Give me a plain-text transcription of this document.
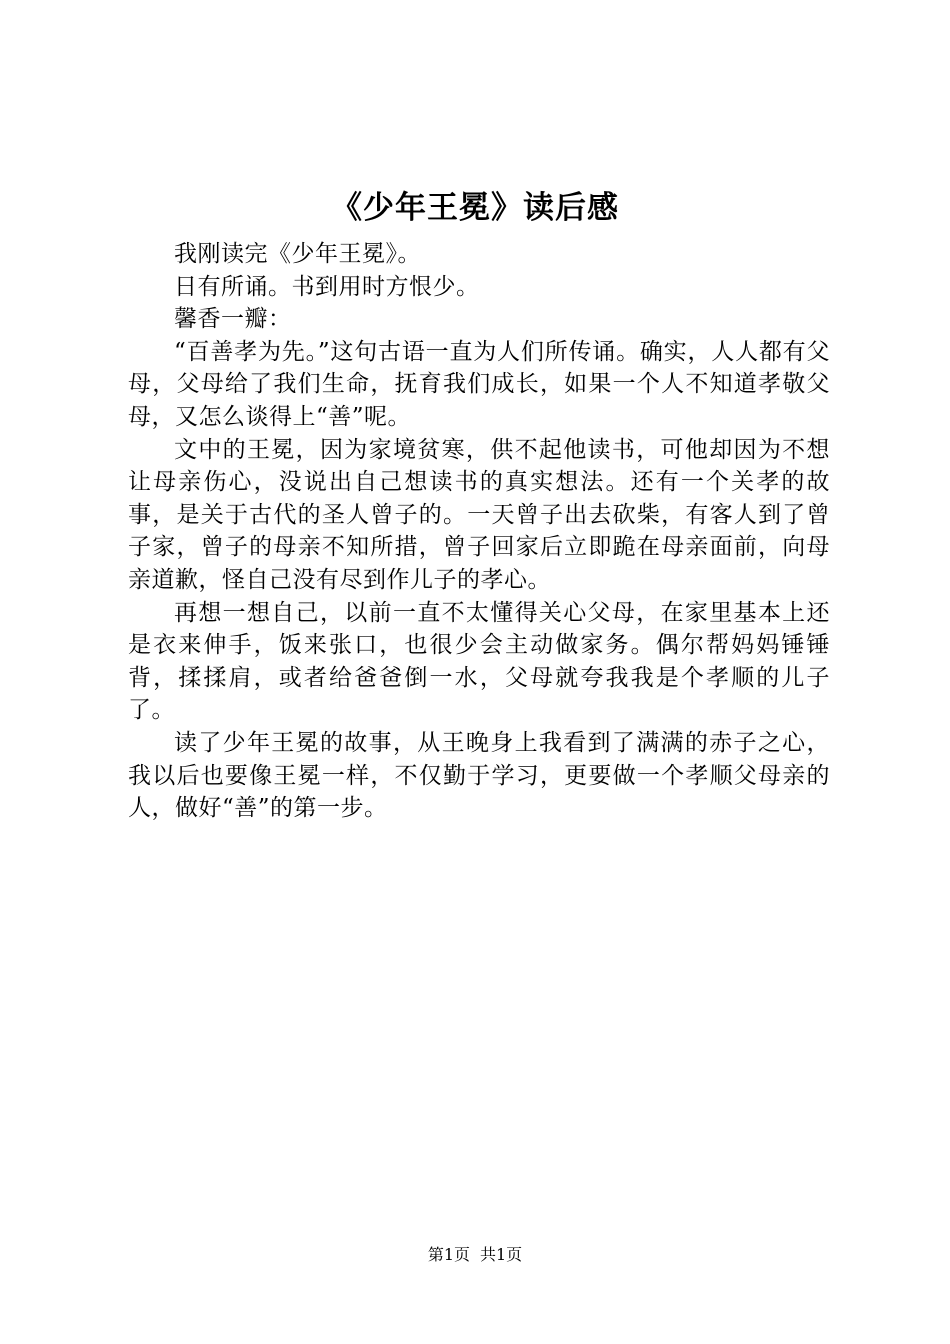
《少年王冕》读后感

我刚读完《少年王冕》。

日有所诵。书到用时方恨少。

馨香一瓣：

“百善孝为先。”这句古语一直为人们所传诵。确实，人人都有父母，父母给了我们生命，抚育我们成长，如果一个人不知道孝敬父母，又怎么谈得上“善”呢。

文中的王冕，因为家境贫寒，供不起他读书，可他却因为不想让母亲伤心，没说出自己想读书的真实想法。还有一个关孝的故事，是关于古代的圣人曾子的。一天曾子出去砍柴，有客人到了曾子家，曾子的母亲不知所措，曾子回家后立即跪在母亲面前，向母亲道歉，怪自己没有尽到作儿子的孝心。

再想一想自己，以前一直不太懂得关心父母，在家里基本上还是衣来伸手，饭来张口，也很少会主动做家务。偶尔帮妈妈锤锤背，揉揉肩，或者给爸爸倒一水，父母就夸我我是个孝顺的儿子了。

读了少年王冕的故事，从王晚身上我看到了满满的赤子之心，我以后也要像王冕一样，不仅勤于学习，更要做一个孝顺父母亲的人，做好“善”的第一步。

第1页 共1页
